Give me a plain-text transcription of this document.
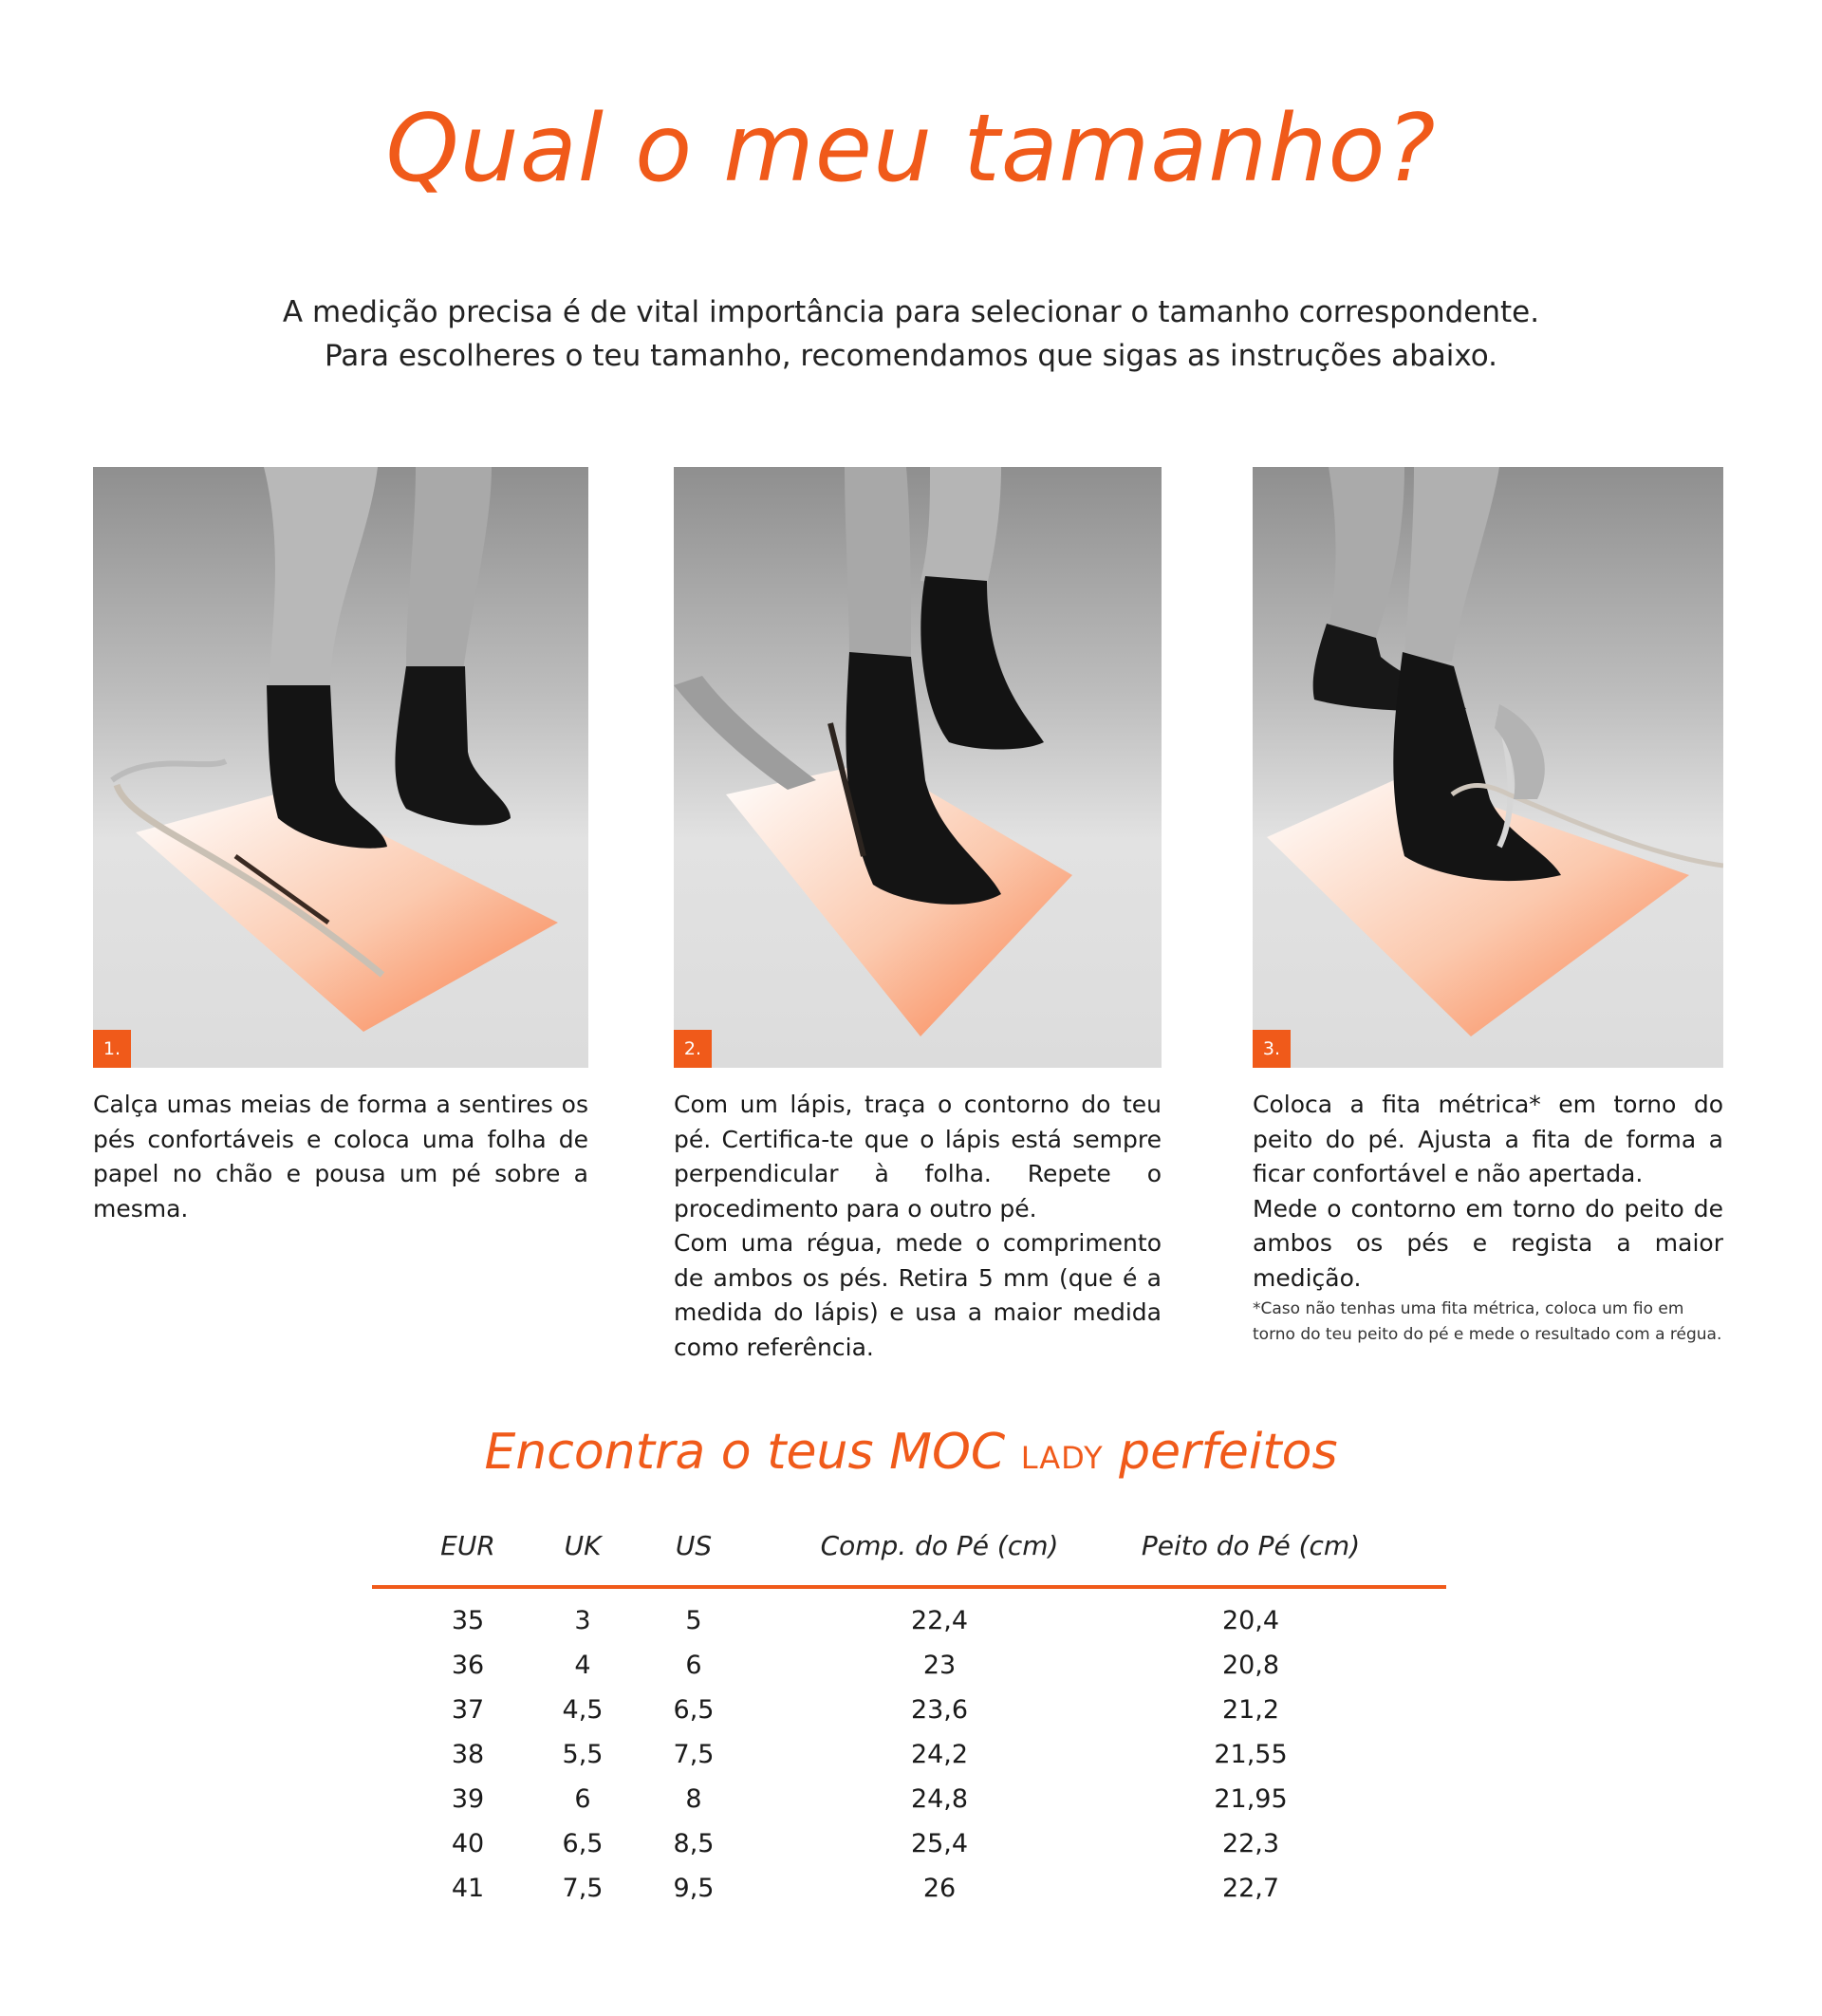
Qual o meu tamanho?
A medição precisa é de vital importância para selecionar o tamanho correspondente.
Para escolheres o teu tamanho, recomendamos que sigas as instruções abaixo.
1.	2.	3.

Calça umas meias de forma a sentires os pés confortáveis e coloca uma folha de papel no chão e pousa um pé sobre a mesma.

Com um lápis, traça o contorno do teu pé. Certifica-te que o lápis está sempre perpendicular à folha. Repete o procedimento para o outro pé.

Com uma régua, mede o comprimento de ambos os pés. Retira 5 mm (que é a medida do lápis) e usa a maior medida como referência.

Coloca a fita métrica* em torno do peito do pé. Ajusta a fita de forma a ficar confortável e não apertada.

Mede o contorno em torno do peito de ambos os pés e regista a maior medição.

*Caso não tenhas uma fita métrica, coloca um fio em torno do teu peito do pé e mede o resultado com a régua.
Encontra o teus MOC LADY perfeitos
EUR	UK	US	Comp. do Pé (cm)	Peito do Pé (cm)
35	3	5	22,4	20,4
36	4	6	23	20,8
37	4,5	6,5	23,6	21,2
38	5,5	7,5	24,2	21,55
39	6	8	24,8	21,95
40	6,5	8,5	25,4	22,3
41	7,5	9,5	26	22,7
